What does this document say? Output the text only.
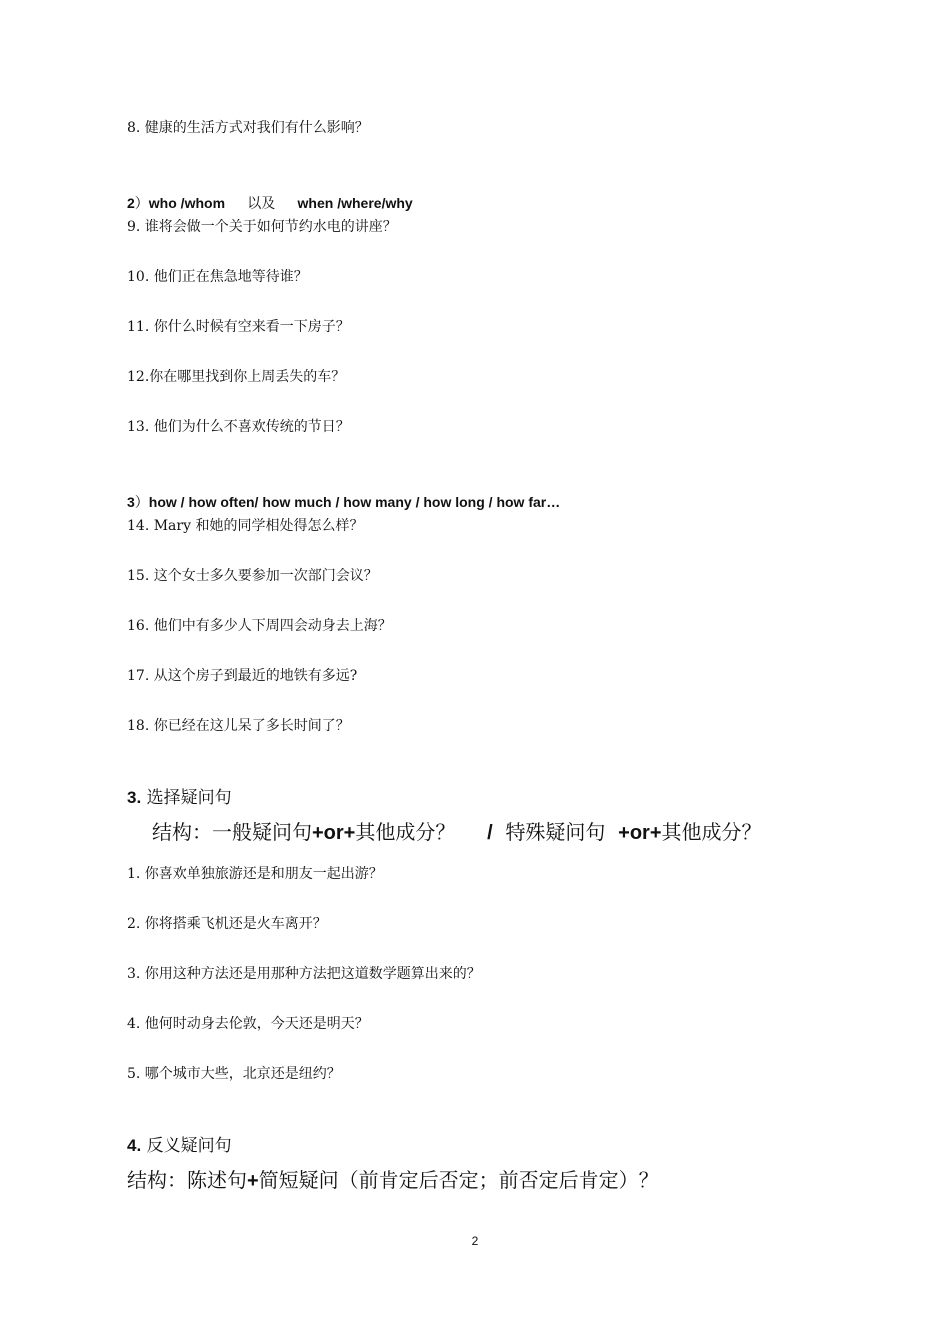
8. 健康的生活方式对我们有什么影响？
2）who /whom 以及 when /where/why
9. 谁将会做一个关于如何节约水电的讲座？
10. 他们正在焦急地等待谁？
11. 你什么时候有空来看一下房子？
12.你在哪里找到你上周丢失的车？
13. 他们为什么不喜欢传统的节日？
3）how / how often/ how much / how many / how long / how far…
14. Mary 和她的同学相处得怎么样？
15. 这个女士多久要参加一次部门会议？
16. 他们中有多少人下周四会动身去上海？
17. 从这个房子到最近的地铁有多远?
18. 你已经在这儿呆了多长时间了？
3. 选择疑问句
结构：一般疑问句+or+其他成分？ / 特殊疑问句 +or+其他成分？
1. 你喜欢单独旅游还是和朋友一起出游？
2. 你将搭乘飞机还是火车离开？
3. 你用这种方法还是用那种方法把这道数学题算出来的？
4. 他何时动身去伦敦，今天还是明天？
5. 哪个城市大些，北京还是纽约？
4. 反义疑问句
结构：陈述句+简短疑问（前肯定后否定；前否定后肯定）？
2
